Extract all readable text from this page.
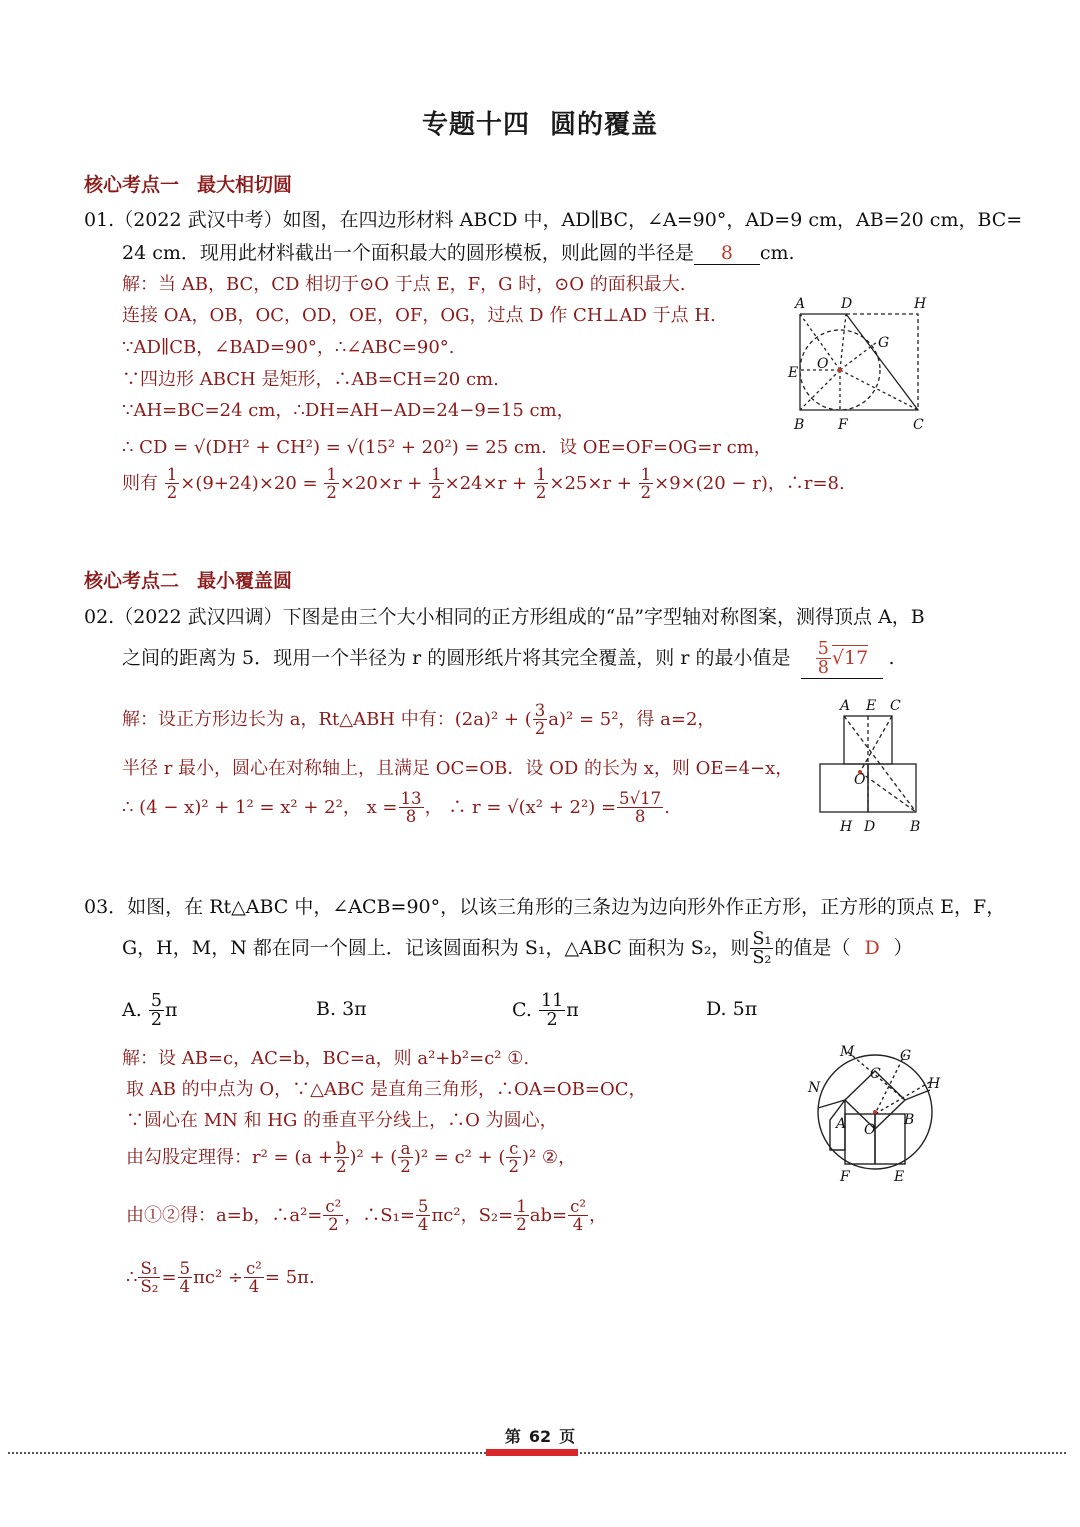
专题十四 圆的覆盖
核心考点一 最大相切圆
01.（2022 武汉中考）如图，在四边形材料 ABCD 中，AD∥BC，∠A=90°，AD=9 cm，AB=20 cm，BC=
24 cm．现用此材料截出一个面积最大的圆形模板，则此圆的半径是 8 cm.
解：当 AB，BC，CD 相切于⊙O 于点 E，F，G 时，⊙O 的面积最大.
连接 OA，OB，OC，OD，OE，OF，OG，过点 D 作 CH⊥AD 于点 H.
∵AD∥CB，∠BAD=90°，∴∠ABC=90°.
∵四边形 ABCH 是矩形，∴AB=CH=20 cm.
∵AH=BC=24 cm，∴DH=AH−AD=24−9=15 cm，
∴ CD = √(DH² + CH²) = √(15² + 20²) = 25 cm．设 OE=OF=OG=r cm，
则有 $\frac{1}{2} \times(9+24)\times 20 = \frac{1}{2} \times 20\times r + \frac{1}{2} \times 24\times r + \frac{1}{2} \times 25\times r + \frac{1}{2} \times 9\times(20 - r)$，∴r=8.
A	D	H
G
O
E
B F	C
核心考点二 最小覆盖圆
02.（2022 武汉四调）下图是由三个大小相同的正方形组成的“品”字型轴对称图案，测得顶点 A，B
之间的距离为 5．现用一个半径为 r 的圆形纸片将其完全覆盖，则 r 的最小值是 $\frac{5}{8} √17$ .
解：设正方形边长为 a，Rt△ABH 中有：(2a)² + ( $\frac{3}{2} a)^2 = 5^2$，得 a=2，
半径 r 最小，圆心在对称轴上，且满足 OC=OB．设 OD 的长为 x，则 OE=4−x，
∴ (4 − x)² + 1² = x² + 2²， $x = \frac{13}{8}$ ， ∴ $r = √(x^2 + 2^2) = \frac{5√17}{8}$ .
A E C
O
H D B
03．如图，在 Rt△ABC 中，∠ACB=90°，以该三角形的三条边为边向形外作正方形，正方形的顶点 E，F，
G，H，M，N 都在同一个圆上．记该圆面积为 S₁，△ABC 面积为 S₂，则 $\frac{\text{S₁}}{\text{S₂}}$ 的值是（ D ）
A. $\frac{5}{2}$ π	B. 3π	C. $\frac{11}{2}$ π	D. 5π
解：设 AB=c，AC=b，BC=a，则 a²+b²=c² ①.
取 AB 的中点为 O，∵△ABC 是直角三角形，∴OA=OB=OC，
∵圆心在 MN 和 HG 的垂直平分线上，∴O 为圆心，
由勾股定理得：$r^2 = (a + \frac{b}{2} )^2$ + ( $\frac{a}{2} )^2 = c^2$ + ( $\frac{c}{2} )^2$ ②，
由①②得：a=b，∴a²= $\frac{\text{c²}}{2}$ ，∴S₁= $\frac{5}{4} \pi c^2$，$S_2= \frac{1}{2} ab= \frac{\text{c²}}{4}$ ，
∴ $\frac{\text{S₁}}{\text{S₂}} = \frac{5}{4} \pi c^2 \div \frac{\text{c²}}{4} = 5\pi$.
M	G
N
C
H
A O
B
F	E
第 62 页
